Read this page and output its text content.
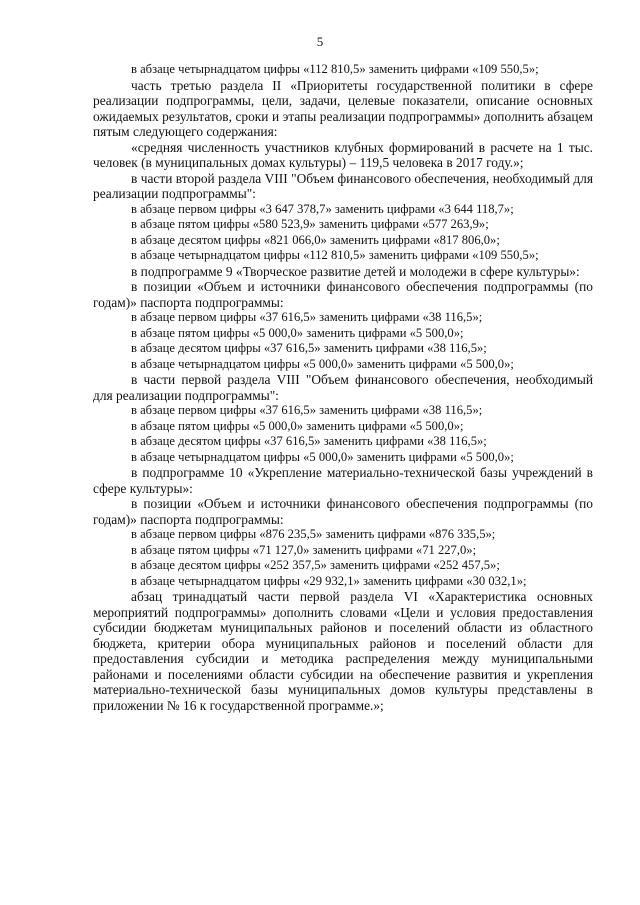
5

в абзаце четырнадцатом цифры «112 810,5» заменить цифрами «109 550,5»;

часть третью раздела II «Приоритеты государственной политики в сфере реализации подпрограммы, цели, задачи, целевые показатели, описание основных ожидаемых результатов, сроки и этапы реализации подпрограммы» дополнить абзацем пятым следующего содержания:

«средняя численность участников клубных формирований в расчете на 1 тыс. человек (в муниципальных домах культуры) – 119,5 человека в 2017 году.»;

в части второй раздела VIII "Объем финансового обеспечения, необходимый для реализации подпрограммы":

в абзаце первом цифры «3 647 378,7» заменить цифрами «3 644 118,7»;

в абзаце пятом цифры «580 523,9» заменить цифрами «577 263,9»;

в абзаце десятом цифры «821 066,0» заменить цифрами «817 806,0»;

в абзаце четырнадцатом цифры «112 810,5» заменить цифрами «109 550,5»;

в подпрограмме 9 «Творческое развитие детей и молодежи в сфере культуры»:

в позиции «Объем и источники финансового обеспечения подпрограммы (по годам)» паспорта подпрограммы:

в абзаце первом цифры «37 616,5» заменить цифрами «38 116,5»;

в абзаце пятом цифры «5 000,0» заменить цифрами «5 500,0»;

в абзаце десятом цифры «37 616,5» заменить цифрами «38 116,5»;

в абзаце четырнадцатом цифры «5 000,0» заменить цифрами «5 500,0»;

в части первой раздела VIII "Объем финансового обеспечения, необходимый для реализации подпрограммы":

в абзаце первом цифры «37 616,5» заменить цифрами «38 116,5»;

в абзаце пятом цифры «5 000,0» заменить цифрами «5 500,0»;

в абзаце десятом цифры «37 616,5» заменить цифрами «38 116,5»;

в абзаце четырнадцатом цифры «5 000,0» заменить цифрами «5 500,0»;

в подпрограмме 10 «Укрепление материально-технической базы учреждений в сфере культуры»:

в позиции «Объем и источники финансового обеспечения подпрограммы (по годам)» паспорта подпрограммы:

в абзаце первом цифры «876 235,5» заменить цифрами «876 335,5»;

в абзаце пятом цифры «71 127,0» заменить цифрами «71 227,0»;

в абзаце десятом цифры «252 357,5» заменить цифрами «252 457,5»;

в абзаце четырнадцатом цифры «29 932,1» заменить цифрами «30 032,1»;

абзац тринадцатый части первой раздела VI «Характеристика основных мероприятий подпрограммы» дополнить словами «Цели и условия предоставления субсидии бюджетам муниципальных районов и поселений области из областного бюджета, критерии обора муниципальных районов и поселений области для предоставления субсидии и методика распределения между муниципальными районами и поселениями области субсидии на обеспечение развития и укрепления материально-технической базы муниципальных домов культуры представлены в приложении № 16 к государственной программе.»;
